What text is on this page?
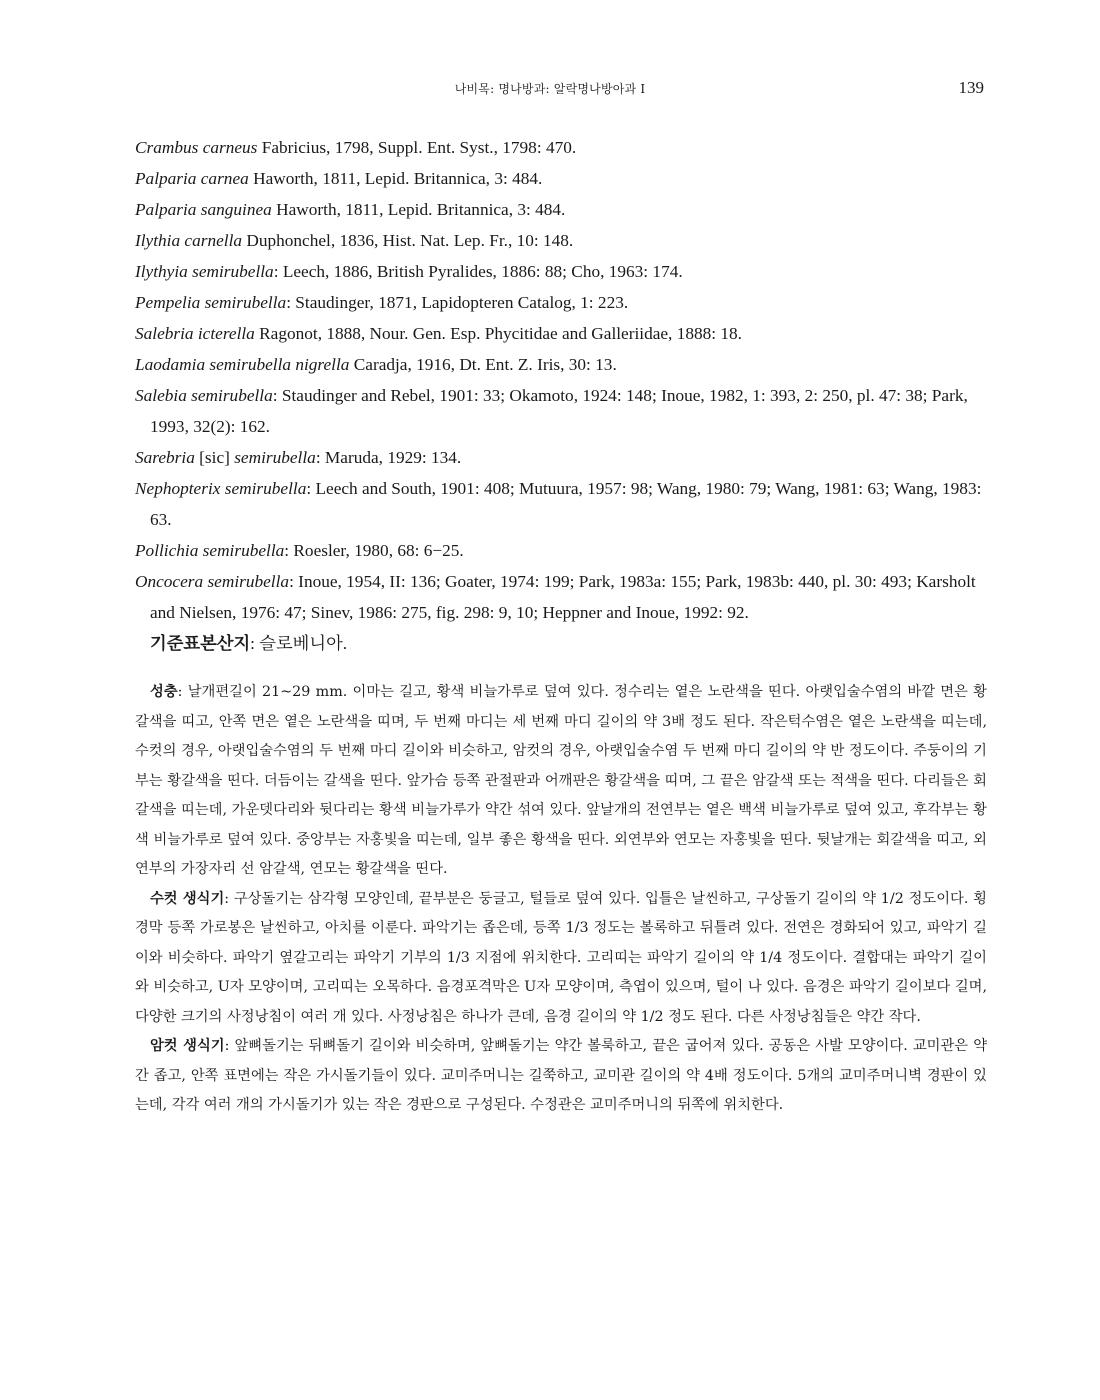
나비목: 명나방과: 알락명나방아과 I	139
Crambus carneus Fabricius, 1798, Suppl. Ent. Syst., 1798: 470.
Palparia carnea Haworth, 1811, Lepid. Britannica, 3: 484.
Palparia sanguinea Haworth, 1811, Lepid. Britannica, 3: 484.
Ilythia carnella Duphonchel, 1836, Hist. Nat. Lep. Fr., 10: 148.
Ilythyia semirubella: Leech, 1886, British Pyralides, 1886: 88; Cho, 1963: 174.
Pempelia semirubella: Staudinger, 1871, Lapidopteren Catalog, 1: 223.
Salebria icterella Ragonot, 1888, Nour. Gen. Esp. Phycitidae and Galleriidae, 1888: 18.
Laodamia semirubella nigrella Caradja, 1916, Dt. Ent. Z. Iris, 30: 13.
Salebia semirubella: Staudinger and Rebel, 1901: 33; Okamoto, 1924: 148; Inoue, 1982, 1: 393, 2: 250, pl. 47: 38; Park, 1993, 32(2): 162.
Sarebria [sic] semirubella: Maruda, 1929: 134.
Nephopterix semirubella: Leech and South, 1901: 408; Mutuura, 1957: 98; Wang, 1980: 79; Wang, 1981: 63; Wang, 1983: 63.
Pollichia semirubella: Roesler, 1980, 68: 6−25.
Oncocera semirubella: Inoue, 1954, II: 136; Goater, 1974: 199; Park, 1983a: 155; Park, 1983b: 440, pl. 30: 493; Karsholt and Nielsen, 1976: 47; Sinev, 1986: 275, fig. 298: 9, 10; Heppner and Inoue, 1992: 92.
기준표본산지: 슬로베니아.

성충: 날개편길이 21~29 mm. 이마는 길고, 황색 비늘가루로 덮여 있다. 정수리는 옅은 노란색을 띤다. 아랫입술수염의 바깥 면은 황갈색을 띠고, 안쪽 면은 옅은 노란색을 띠며, 두 번째 마디는 세 번째 마디 길이의 약 3배 정도 된다. 작은턱수염은 옅은 노란색을 띠는데, 수컷의 경우, 아랫입술수염의 두 번째 마디 길이와 비슷하고, 암컷의 경우, 아랫입술수염 두 번째 마디 길이의 약 반 정도이다. 주둥이의 기부는 황갈색을 띤다. 더듬이는 갈색을 띤다. 앞가슴 등쪽 관절판과 어깨판은 황갈색을 띠며, 그 끝은 암갈색 또는 적색을 띤다. 다리들은 회갈색을 띠는데, 가운뎃다리와 뒷다리는 황색 비늘가루가 약간 섞여 있다. 앞날개의 전연부는 옅은 백색 비늘가루로 덮여 있고, 후각부는 황색 비늘가루로 덮여 있다. 중앙부는 자홍빛을 띠는데, 일부 좋은 황색을 띤다. 외연부와 연모는 자홍빛을 띤다. 뒷날개는 회갈색을 띠고, 외연부의 가장자리 선 암갈색, 연모는 황갈색을 띤다.

수컷 생식기: 구상돌기는 삼각형 모양인데, 끝부분은 둥글고, 털들로 덮여 있다. 입틀은 날씬하고, 구상돌기 길이의 약 1/2 정도이다. 횡경막 등쪽 가로봉은 날씬하고, 아치를 이룬다. 파악기는 좁은데, 등쪽 1/3 정도는 볼록하고 뒤틀려 있다. 전연은 경화되어 있고, 파악기 길이와 비슷하다. 파악기 옆갈고리는 파악기 기부의 1/3 지점에 위치한다. 고리띠는 파악기 길이의 약 1/4 정도이다. 결합대는 파악기 길이와 비슷하고, U자 모양이며, 고리띠는 오목하다. 음경포격막은 U자 모양이며, 측엽이 있으며, 털이 나 있다. 음경은 파악기 길이보다 길며, 다양한 크기의 사정낭침이 여러 개 있다. 사정낭침은 하나가 큰데, 음경 길이의 약 1/2 정도 된다. 다른 사정낭침들은 약간 작다.

암컷 생식기: 앞뼈돌기는 뒤뼈돌기 길이와 비슷하며, 앞뼈돌기는 약간 볼룩하고, 끝은 굽어져 있다. 공동은 사발 모양이다. 교미관은 약간 좁고, 안쪽 표면에는 작은 가시돌기들이 있다. 교미주머니는 길쭉하고, 교미관 길이의 약 4배 정도이다. 5개의 교미주머니벽 경판이 있는데, 각각 여러 개의 가시돌기가 있는 작은 경판으로 구성된다. 수정관은 교미주머니의 뒤쪽에 위치한다.
